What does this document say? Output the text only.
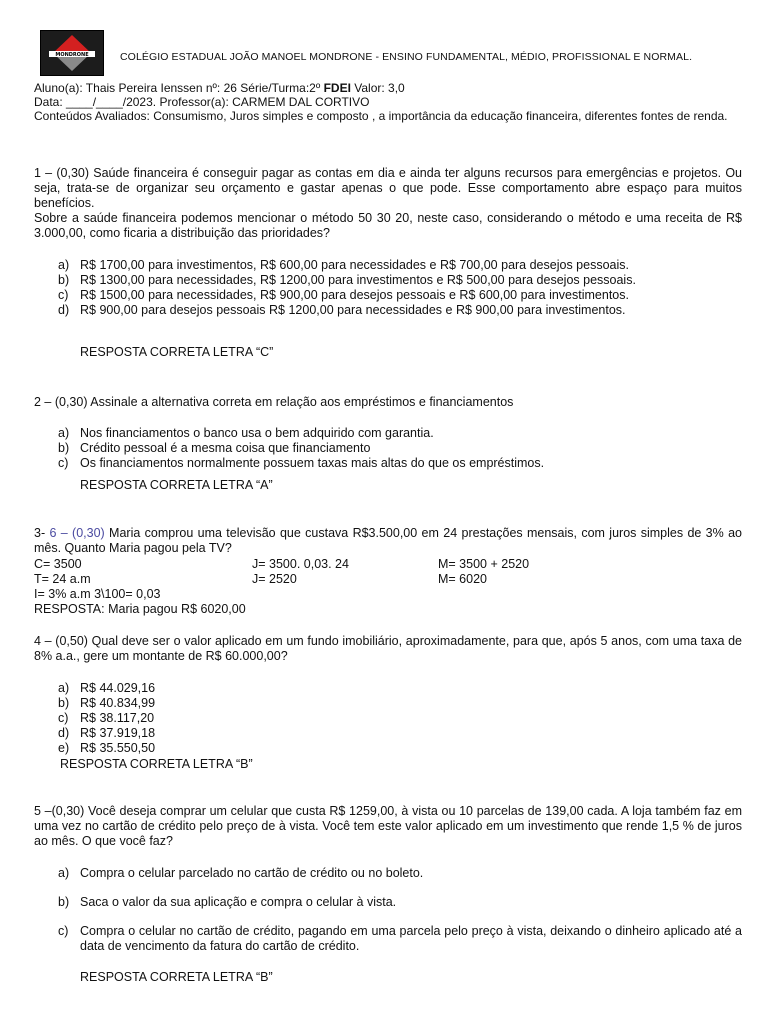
MONDRONE	COLÉGIO ESTADUAL JOÃO MANOEL MONDRONE - ENSINO FUNDAMENTAL, MÉDIO, PROFISSIONAL E NORMAL.
Aluno(a): Thais Pereira Ienssen nº: 26 Série/Turma:2º FDEI Valor: 3,0
Data: ____/____/2023. Professor(a): CARMEM DAL CORTIVO
Conteúdos Avaliados: Consumismo, Juros simples e composto , a importância da educação financeira, diferentes fontes de renda.

1 – (0,30) Saúde financeira é conseguir pagar as contas em dia e ainda ter alguns recursos para emergências e projetos. Ou seja, trata-se de organizar seu orçamento e gastar apenas o que pode. Esse comportamento abre espaço para muitos benefícios.

Sobre a saúde financeira podemos mencionar o método 50 30 20, neste caso, considerando o método e uma receita de R$ 3.000,00, como ficaria a distribuição das prioridades?

a) R$ 1700,00 para investimentos, R$ 600,00 para necessidades e R$ 700,00 para desejos pessoais.
b) R$ 1300,00 para necessidades, R$ 1200,00 para investimentos e R$ 500,00 para desejos pessoais.
c) R$ 1500,00 para necessidades, R$ 900,00 para desejos pessoais e R$ 600,00 para investimentos.
d) R$ 900,00 para desejos pessoais R$ 1200,00 para necessidades e R$ 900,00 para investimentos.
RESPOSTA CORRETA LETRA “C”
2 – (0,30) Assinale a alternativa correta em relação aos empréstimos e financiamentos
a) Nos financiamentos o banco usa o bem adquirido com garantia.
b) Crédito pessoal é a mesma coisa que financiamento
c) Os financiamentos normalmente possuem taxas mais altas do que os empréstimos.
RESPOSTA CORRETA LETRA “A”
3- 6 – (0,30) Maria comprou uma televisão que custava R$3.500,00 em 24 prestações mensais, com juros simples de 3% ao mês. Quanto Maria pagou pela TV?
C= 3500	J= 3500. 0,03. 24	M= 3500 + 2520
T= 24 a.m	J= 2520	M= 6020
I= 3% a.m 3\100= 0,03
RESPOSTA: Maria pagou R$ 6020,00
4 – (0,50) Qual deve ser o valor aplicado em um fundo imobiliário, aproximadamente, para que, após 5 anos, com uma taxa de 8% a.a., gere um montante de R$ 60.000,00?
a) R$ 44.029,16
b) R$ 40.834,99
c) R$ 38.117,20
d) R$ 37.919,18
e) R$ 35.550,50
RESPOSTA CORRETA LETRA “B”
5 –(0,30) Você deseja comprar um celular que custa R$ 1259,00, à vista ou 10 parcelas de 139,00 cada. A loja também faz em uma vez no cartão de crédito pelo preço de à vista. Você tem este valor aplicado em um investimento que rende 1,5 % de juros ao mês. O que você faz?
a) Compra o celular parcelado no cartão de crédito ou no boleto.
b) Saca o valor da sua aplicação e compra o celular à vista.
c) Compra o celular no cartão de crédito, pagando em uma parcela pelo preço à vista, deixando o dinheiro aplicado até a data de vencimento da fatura do cartão de crédito.
RESPOSTA CORRETA LETRA “B”
